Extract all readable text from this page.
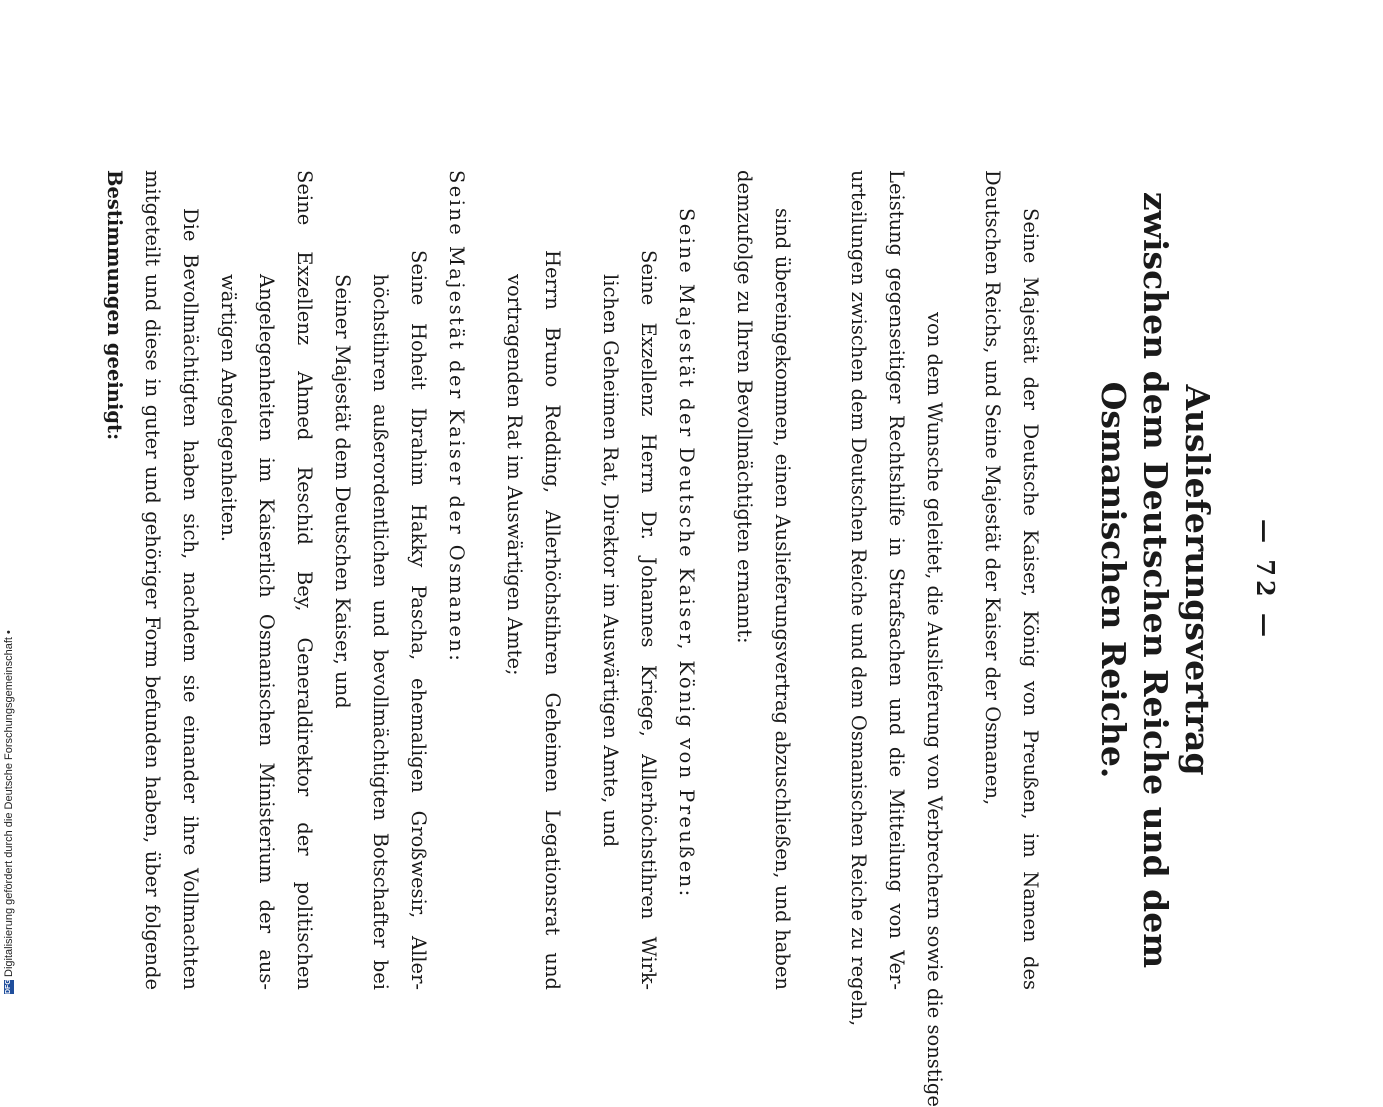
— 72 —
Auslieferungsvertrag
zwischen dem Deutschen Reiche und dem
Osmanischen Reiche.
Seine Majestät der Deutsche Kaiser, König von Preußen, im Namen des
Deutschen Reichs, und Seine Majestät der Kaiser der Osmanen,
von dem Wunsche geleitet, die Auslieferung von Verbrechern sowie die sonstige
Leistung gegenseitiger Rechtshilfe in Strafsachen und die Mitteilung von Ver-
urteilungen zwischen dem Deutschen Reiche und dem Osmanischen Reiche zu regeln,
sind übereingekommen, einen Auslieferungsvertrag abzuschließen, und haben
demzufolge zu Ihren Bevollmächtigten ernannt:
Seine Majestät der Deutsche Kaiser, König von Preußen:
Seine Exzellenz Herrn Dr. Johannes Kriege, Allerhöchstihren Wirk-
lichen Geheimen Rat, Direktor im Auswärtigen Amte, und
Herrn Bruno Redding, Allerhöchstihren Geheimen Legationsrat und
vortragenden Rat im Auswärtigen Amte;
Seine Majestät der Kaiser der Osmanen:
Seine Hoheit Ibrahim Hakky Pascha, ehemaligen Großwesir, Aller-
höchstihren außerordentlichen und bevollmächtigten Botschafter bei
Seiner Majestät dem Deutschen Kaiser, und
Seine Exzellenz Ahmed Reschid Bey, Generaldirektor der politischen
Angelegenheiten im Kaiserlich Osmanischen Ministerium der aus-
wärtigen Angelegenheiten.
Die Bevollmächtigten haben sich, nachdem sie einander ihre Vollmachten
mitgeteilt und diese in guter und gehöriger Form befunden haben, über folgende
Bestimmungen geeinigt:
DFG
Digitalisierung gefördert durch die Deutsche Forschungsgemeinschaft •
